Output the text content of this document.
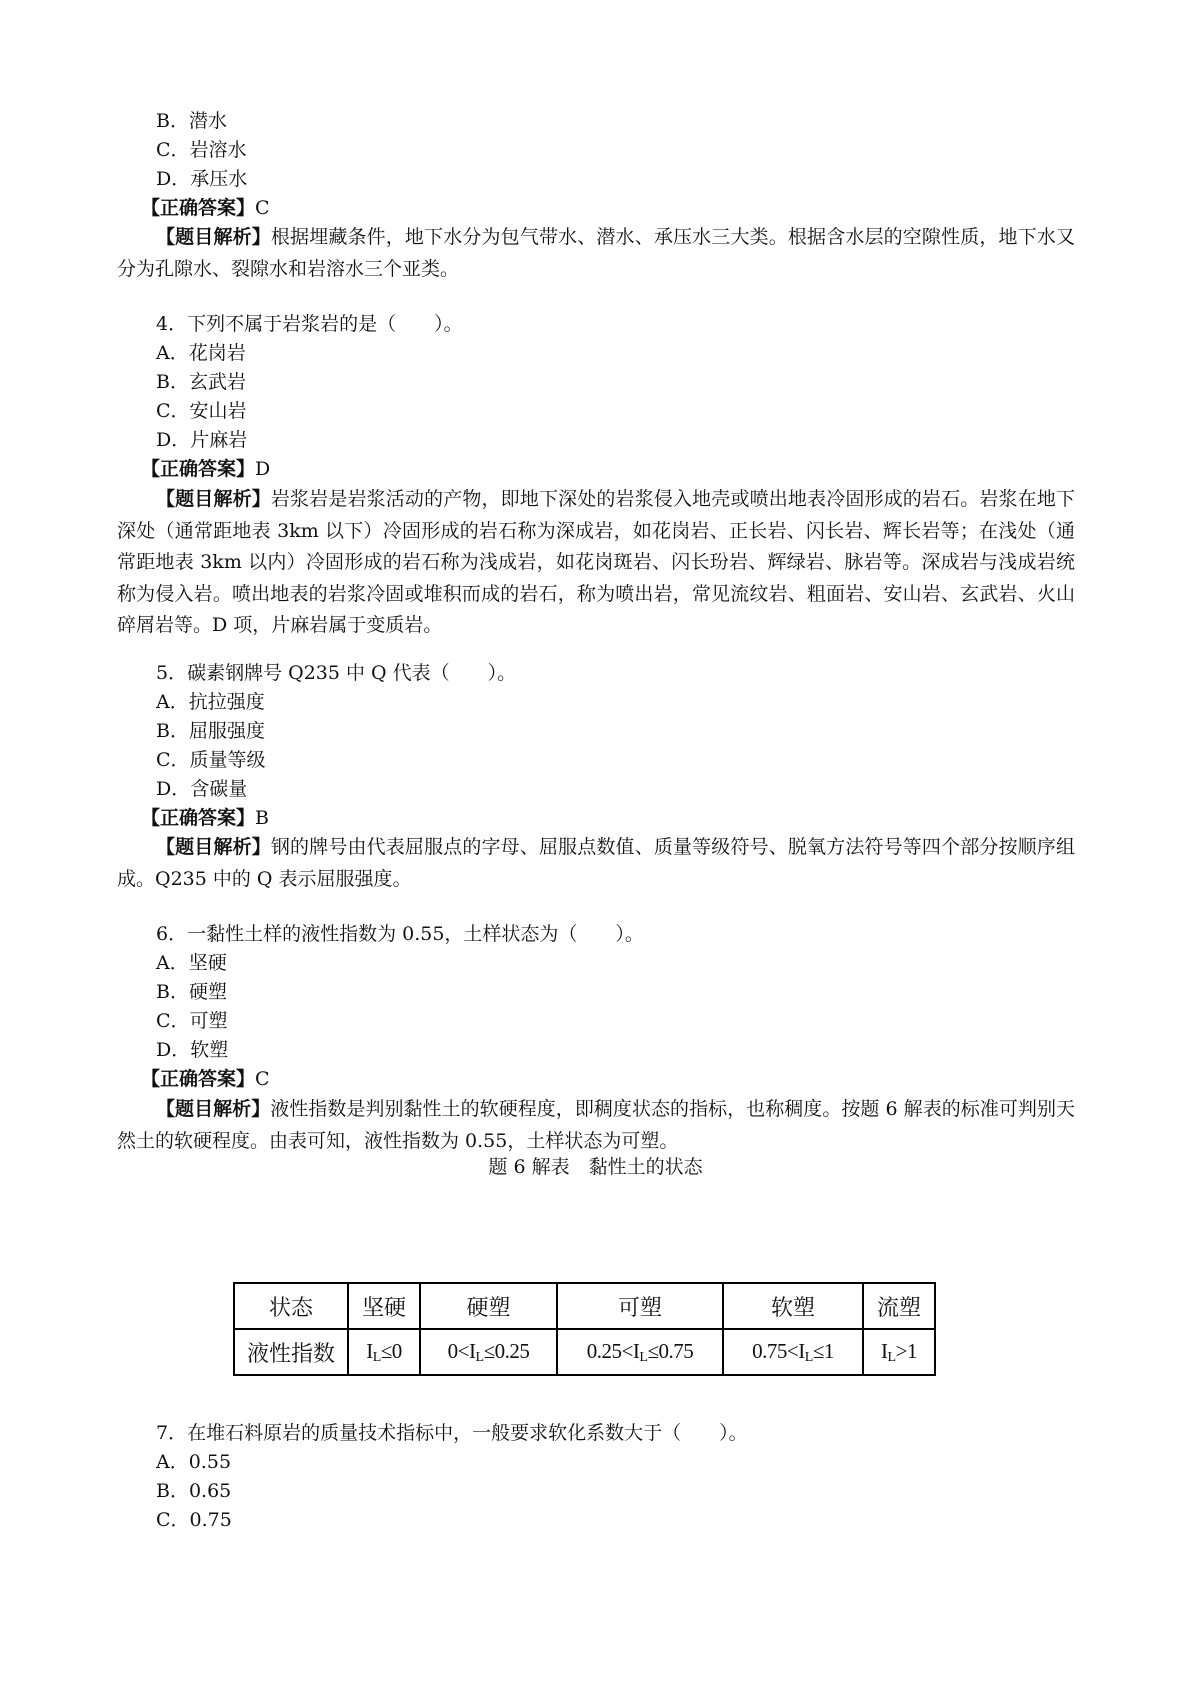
B．潜水
C．岩溶水
D．承压水
【正确答案】C
【题目解析】根据埋藏条件，地下水分为包气带水、潜水、承压水三大类。根据含水层的空隙性质，地下水又分为孔隙水、裂隙水和岩溶水三个亚类。
4．下列不属于岩浆岩的是（　　）。
A．花岗岩
B．玄武岩
C．安山岩
D．片麻岩
【正确答案】D
【题目解析】岩浆岩是岩浆活动的产物，即地下深处的岩浆侵入地壳或喷出地表冷固形成的岩石。岩浆在地下深处（通常距地表 3km 以下）冷固形成的岩石称为深成岩，如花岗岩、正长岩、闪长岩、辉长岩等；在浅处（通常距地表 3km 以内）冷固形成的岩石称为浅成岩，如花岗斑岩、闪长玢岩、辉绿岩、脉岩等。深成岩与浅成岩统称为侵入岩。喷出地表的岩浆冷固或堆积而成的岩石，称为喷出岩，常见流纹岩、粗面岩、安山岩、玄武岩、火山碎屑岩等。D 项，片麻岩属于变质岩。
5．碳素钢牌号 Q235 中 Q 代表（　　）。
A．抗拉强度
B．屈服强度
C．质量等级
D．含碳量
【正确答案】B
【题目解析】钢的牌号由代表屈服点的字母、屈服点数值、质量等级符号、脱氧方法符号等四个部分按顺序组成。Q235 中的 Q 表示屈服强度。
6．一黏性土样的液性指数为 0.55，土样状态为（　　）。
A．坚硬
B．硬塑
C．可塑
D．软塑
【正确答案】C
【题目解析】液性指数是判别黏性土的软硬程度，即稠度状态的指标，也称稠度。按题 6 解表的标准可判别天然土的软硬程度。由表可知，液性指数为 0.55，土样状态为可塑。
题 6 解表　黏性土的状态
状态	坚硬	硬塑	可塑	软塑	流塑
液性指数	$I_L\le 0$	$0<I_L\le 0.25$	$0.25<I_L\le 0.75$	$0.75<I_L\le 1$	$I_L>1$
7．在堆石料原岩的质量技术指标中，一般要求软化系数大于（　　）。
A．0.55
B．0.65
C．0.75
